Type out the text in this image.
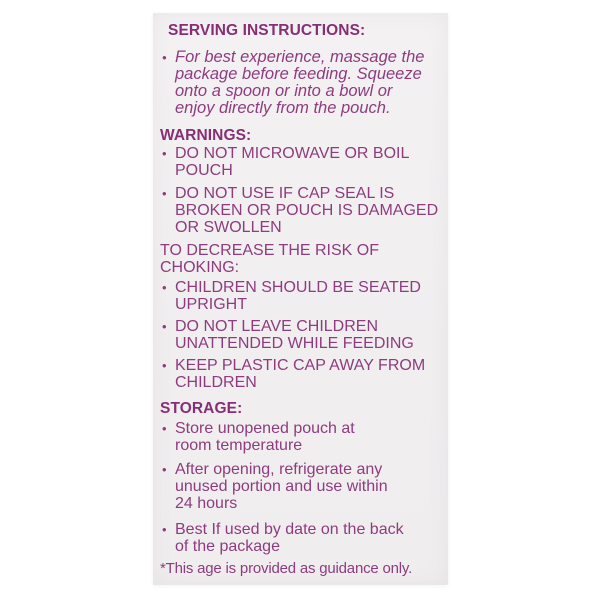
SERVING INSTRUCTIONS:
• For best experience, massage the
package before feeding. Squeeze
onto a spoon or into a bowl or
enjoy directly from the pouch.
WARNINGS:
• DO NOT MICROWAVE OR BOIL
POUCH
• DO NOT USE IF CAP SEAL IS
BROKEN OR POUCH IS DAMAGED
OR SWOLLEN
TO DECREASE THE RISK OF
CHOKING:
• CHILDREN SHOULD BE SEATED
UPRIGHT
• DO NOT LEAVE CHILDREN
UNATTENDED WHILE FEEDING
• KEEP PLASTIC CAP AWAY FROM
CHILDREN
STORAGE:
• Store unopened pouch at
room temperature
• After opening, refrigerate any
unused portion and use within
24 hours
• Best If used by date on the back
of the package
*This age is provided as guidance only.
